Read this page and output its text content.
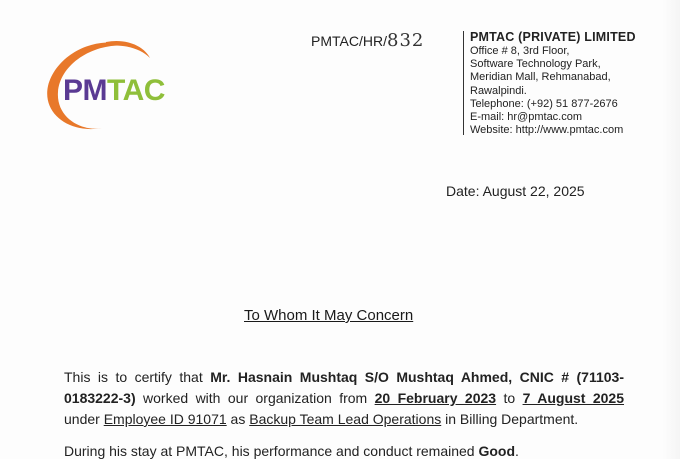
PMTAC
PMTAC/HR/ 832	PMTAC (PRIVATE) LIMITED
Office # 8, 3rd Floor,
Software Technology Park,
Meridian Mall, Rehmanabad,
Rawalpindi.
Telephone: (+92) 51 877-2676
E-mail: hr@pmtac.com
Website: http://www.pmtac.com
Date: August 22, 2025
To Whom It May Concern
This is to certify that Mr. Hasnain Mushtaq S/O Mushtaq Ahmed, CNIC # (71103-
0183222-3) worked with our organization from 20 February 2023 to 7 August 2025
under Employee ID 91071 as Backup Team Lead Operations in Billing Department.
During his stay at PMTAC, his performance and conduct remained Good.
